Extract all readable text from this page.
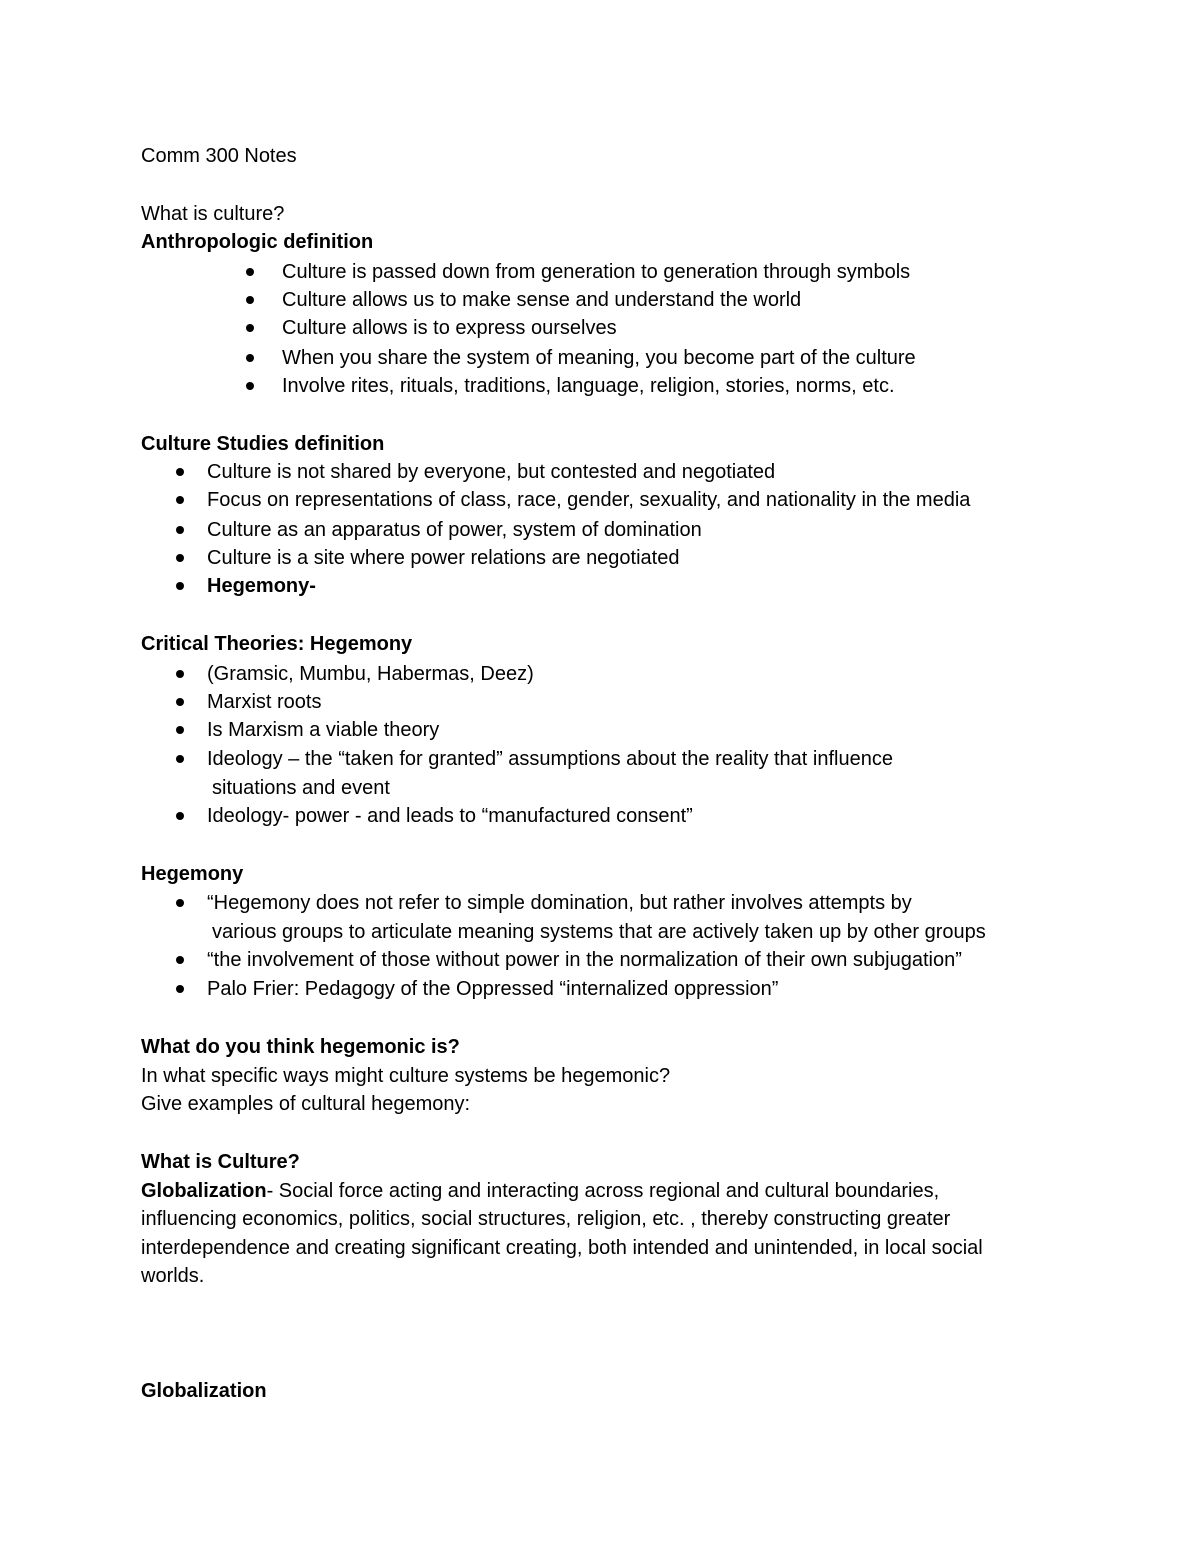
Comm 300 Notes
What is culture?
Anthropologic definition
Culture is passed down from generation to generation through symbols
Culture allows us to make sense and understand the world
Culture allows is to express ourselves
When you share the system of meaning, you become part of the culture
Involve rites, rituals, traditions, language, religion, stories, norms, etc.
Culture Studies definition
Culture is not shared by everyone, but contested and negotiated
Focus on representations of class, race, gender, sexuality, and nationality in the media
Culture as an apparatus of power, system of domination
Culture is a site where power relations are negotiated
Hegemony-
Critical Theories: Hegemony
(Gramsic, Mumbu, Habermas, Deez)
Marxist roots
Is Marxism a viable theory
Ideology – the “taken for granted” assumptions about the reality that influence
situations and event
Ideology- power - and leads to “manufactured consent”
Hegemony
“Hegemony does not refer to simple domination, but rather involves attempts by
various groups to articulate meaning systems that are actively taken up by other groups
“the involvement of those without power in the normalization of their own subjugation”
Palo Frier: Pedagogy of the Oppressed “internalized oppression”
What do you think hegemonic is?
In what specific ways might culture systems be hegemonic?
Give examples of cultural hegemony:
What is Culture?
Globalization- Social force acting and interacting across regional and cultural boundaries,
influencing economics, politics, social structures, religion, etc. , thereby constructing greater
interdependence and creating significant creating, both intended and unintended, in local social
worlds.
Globalization
